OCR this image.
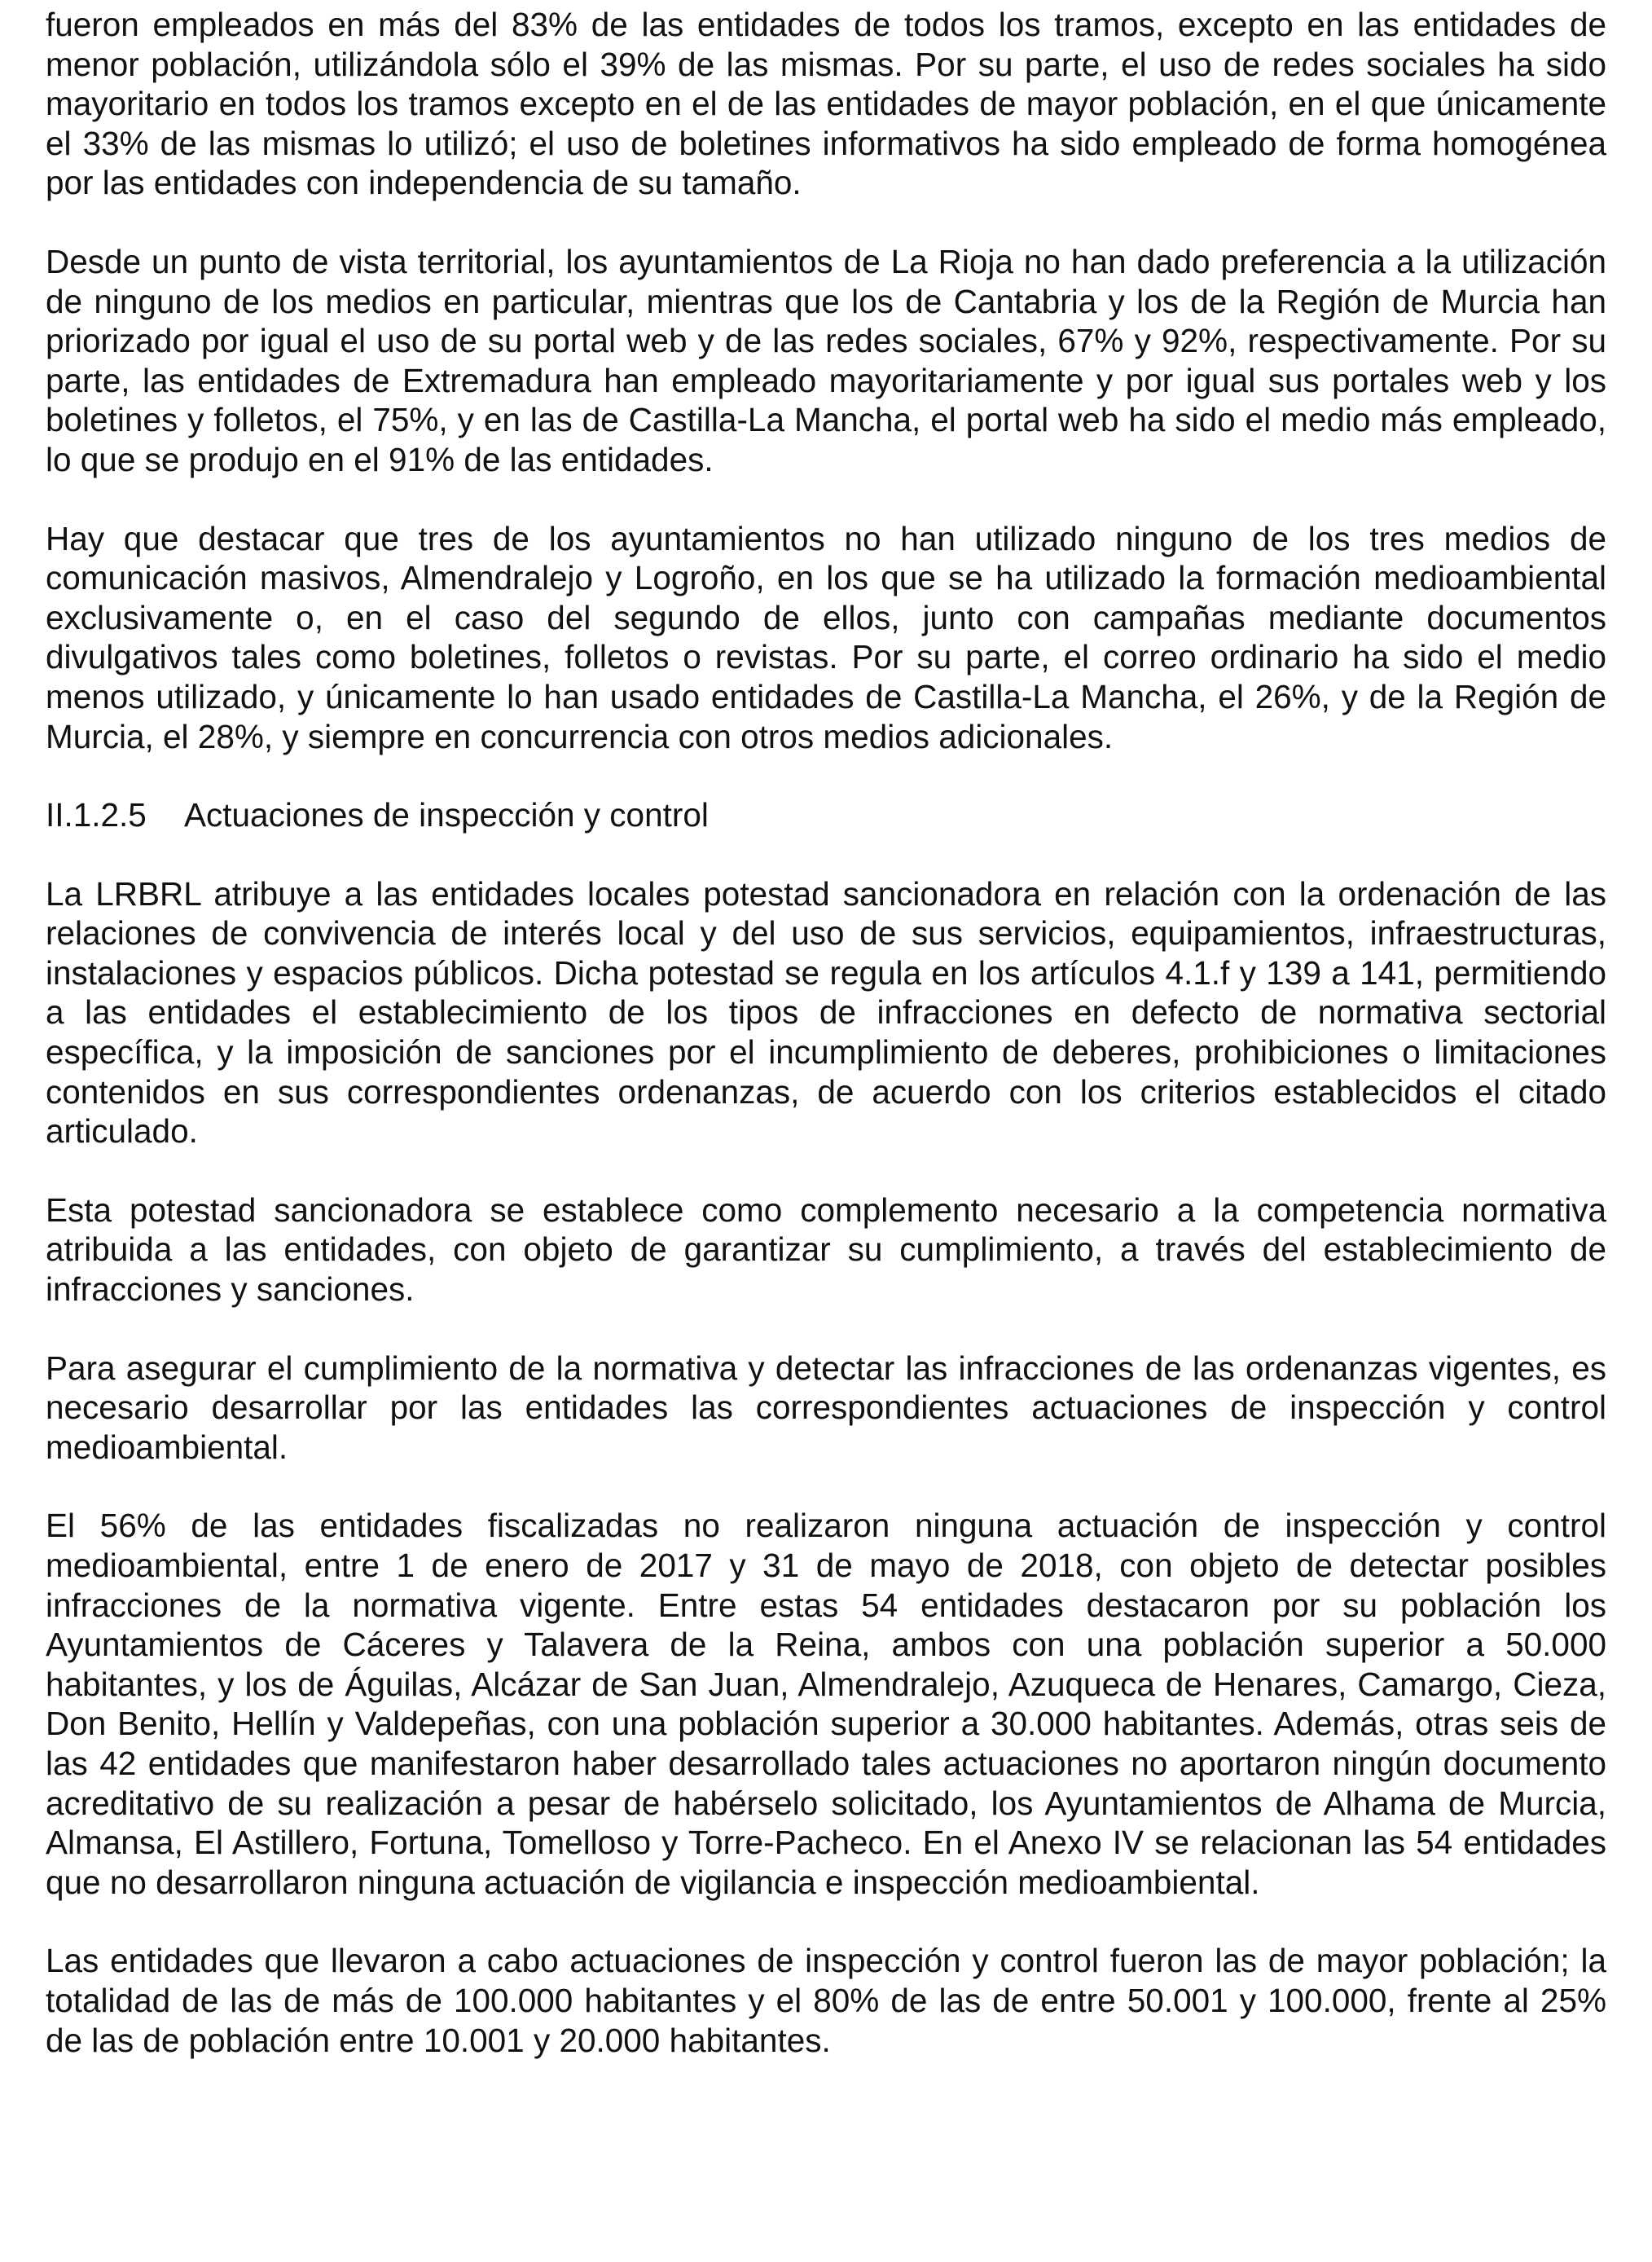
fueron empleados en más del 83% de las entidades de todos los tramos, excepto en las entidades de menor población, utilizándola sólo el 39% de las mismas. Por su parte, el uso de redes sociales ha sido mayoritario en todos los tramos excepto en el de las entidades de mayor población, en el que únicamente el 33% de las mismas lo utilizó; el uso de boletines informativos ha sido empleado de forma homogénea por las entidades con independencia de su tamaño.

Desde un punto de vista territorial, los ayuntamientos de La Rioja no han dado preferencia a la utilización de ninguno de los medios en particular, mientras que los de Cantabria y los de la Región de Murcia han priorizado por igual el uso de su portal web y de las redes sociales, 67% y 92%, respectivamente. Por su parte, las entidades de Extremadura han empleado mayoritariamente y por igual sus portales web y los boletines y folletos, el 75%, y en las de Castilla-La Mancha, el portal web ha sido el medio más empleado, lo que se produjo en el 91% de las entidades.

Hay que destacar que tres de los ayuntamientos no han utilizado ninguno de los tres medios de comunicación masivos, Almendralejo y Logroño, en los que se ha utilizado la formación medioambiental exclusivamente o, en el caso del segundo de ellos, junto con campañas mediante documentos divulgativos tales como boletines, folletos o revistas. Por su parte, el correo ordinario ha sido el medio menos utilizado, y únicamente lo han usado entidades de Castilla-La Mancha, el 26%, y de la Región de Murcia, el 28%, y siempre en concurrencia con otros medios adicionales.

II.1.2.5	Actuaciones de inspección y control

La LRBRL atribuye a las entidades locales potestad sancionadora en relación con la ordenación de las relaciones de convivencia de interés local y del uso de sus servicios, equipamientos, infraestructuras, instalaciones y espacios públicos. Dicha potestad se regula en los artículos 4.1.f y 139 a 141, permitiendo a las entidades el establecimiento de los tipos de infracciones en defecto de normativa sectorial específica, y la imposición de sanciones por el incumplimiento de deberes, prohibiciones o limitaciones contenidos en sus correspondientes ordenanzas, de acuerdo con los criterios establecidos el citado articulado.

Esta potestad sancionadora se establece como complemento necesario a la competencia normativa atribuida a las entidades, con objeto de garantizar su cumplimiento, a través del establecimiento de infracciones y sanciones.

Para asegurar el cumplimiento de la normativa y detectar las infracciones de las ordenanzas vigentes, es necesario desarrollar por las entidades las correspondientes actuaciones de inspección y control medioambiental.

El 56% de las entidades fiscalizadas no realizaron ninguna actuación de inspección y control medioambiental, entre 1 de enero de 2017 y 31 de mayo de 2018, con objeto de detectar posibles infracciones de la normativa vigente. Entre estas 54 entidades destacaron por su población los Ayuntamientos de Cáceres y Talavera de la Reina, ambos con una población superior a 50.000 habitantes, y los de Águilas, Alcázar de San Juan, Almendralejo, Azuqueca de Henares, Camargo, Cieza, Don Benito, Hellín y Valdepeñas, con una población superior a 30.000 habitantes. Además, otras seis de las 42 entidades que manifestaron haber desarrollado tales actuaciones no aportaron ningún documento acreditativo de su realización a pesar de habérselo solicitado, los Ayuntamientos de Alhama de Murcia, Almansa, El Astillero, Fortuna, Tomelloso y Torre-Pacheco. En el Anexo IV se relacionan las 54 entidades que no desarrollaron ninguna actuación de vigilancia e inspección medioambiental.

Las entidades que llevaron a cabo actuaciones de inspección y control fueron las de mayor población; la totalidad de las de más de 100.000 habitantes y el 80% de las de entre 50.001 y 100.000, frente al 25% de las de población entre 10.001 y 20.000 habitantes.
